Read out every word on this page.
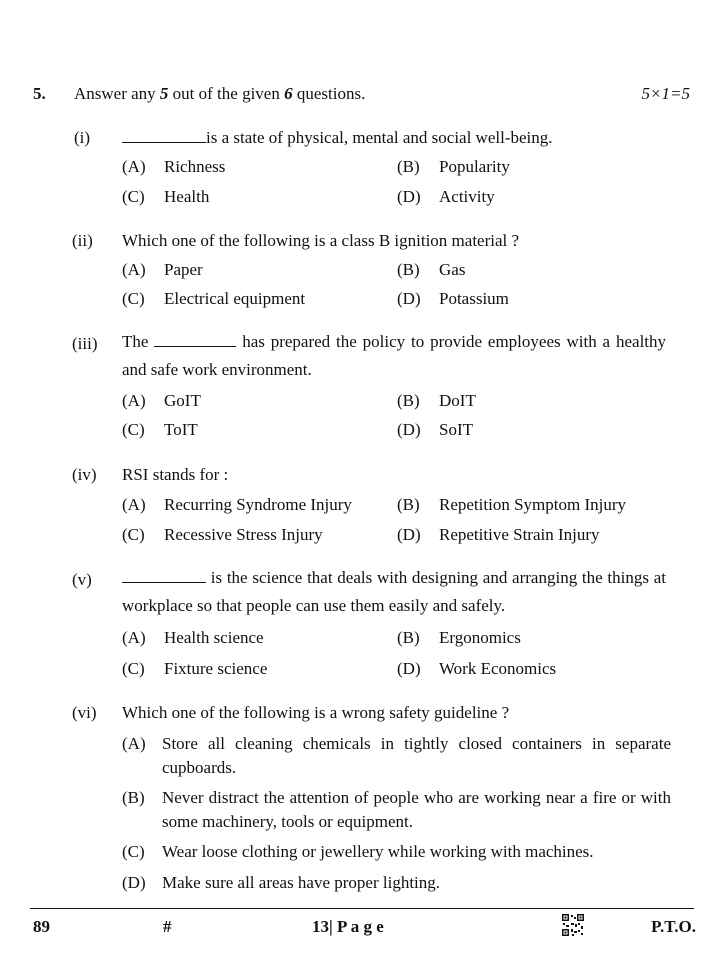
5. Answer any 5 out of the given 6 questions.	5×1=5
(i)	is a state of physical, mental and social well-being.
(A) Richness	(B) Popularity
(C) Health	(D) Activity
(ii) Which one of the following is a class B ignition material ?
(A) Paper	(B) Gas
(C) Electrical equipment	(D) Potassium
(iii) The	has prepared the policy to provide employees with a healthy and safe work environment.
(A) GoIT	(B) DoIT
(C) ToIT	(D) SoIT
(iv) RSI stands for :
(A) Recurring Syndrome Injury	(B) Repetition Symptom Injury
(C) Recessive Stress Injury	(D) Repetitive Strain Injury
(v)	is the science that deals with designing and arranging the things at workplace so that people can use them easily and safely.
(A) Health science	(B) Ergonomics
(C) Fixture science	(D) Work Economics
(vi) Which one of the following is a wrong safety guideline ?
(A) Store all cleaning chemicals in tightly closed containers in separate cupboards.
(B) Never distract the attention of people who are working near a fire or with some machinery, tools or equipment.
(C) Wear loose clothing or jewellery while working with machines.
(D) Make sure all areas have proper lighting.
89	#	13| P a g e	P.T.O.
